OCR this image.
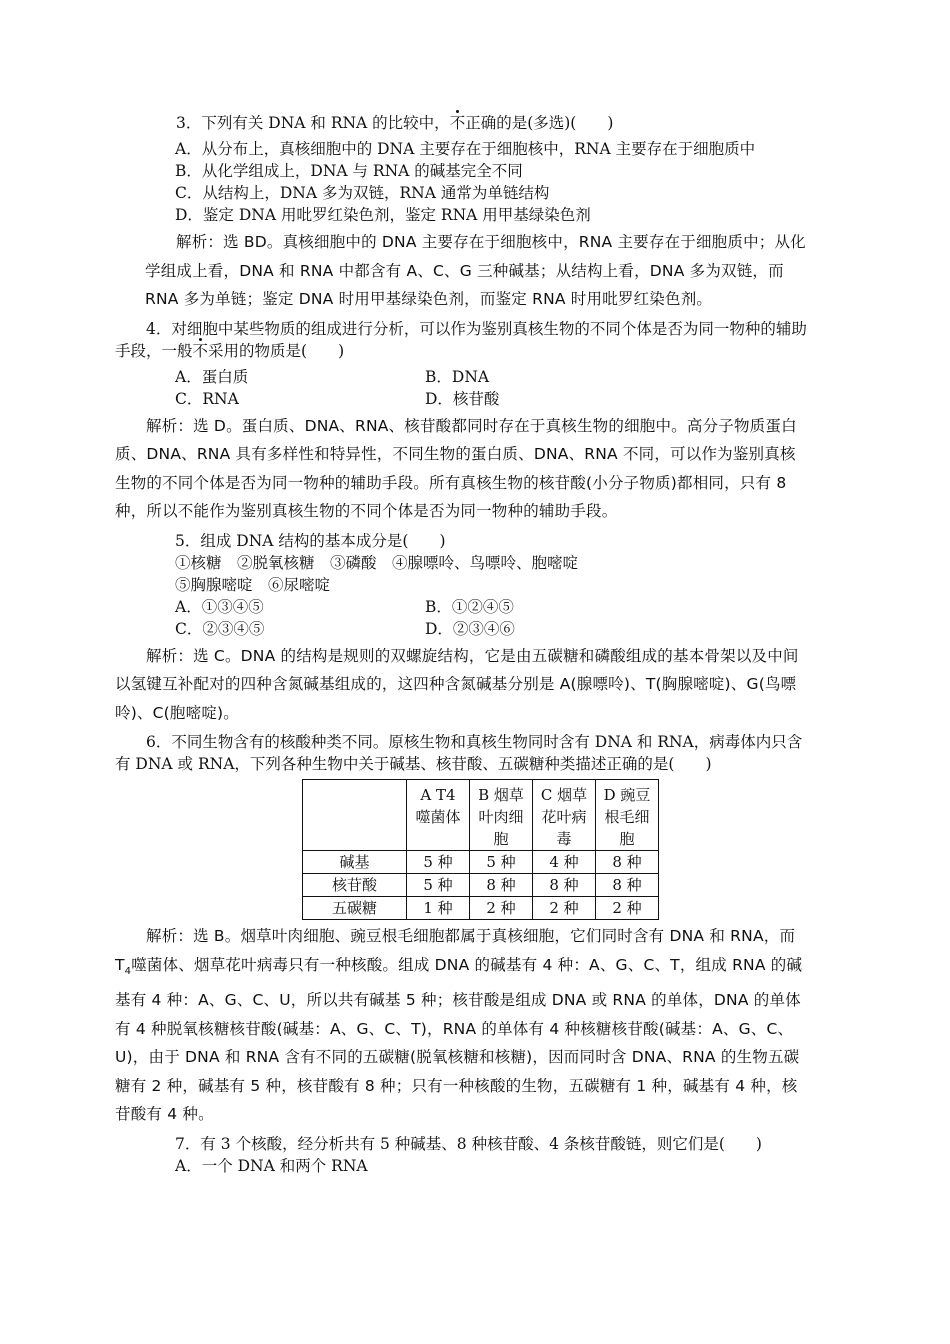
3．下列有关 DNA 和 RNA 的比较中，不正确的是(多选)(　　)

A．从分布上，真核细胞中的 DNA 主要存在于细胞核中，RNA 主要存在于细胞质中

B．从化学组成上，DNA 与 RNA 的碱基完全不同

C．从结构上，DNA 多为双链，RNA 通常为单链结构

D．鉴定 DNA 用吡罗红染色剂，鉴定 RNA 用甲基绿染色剂

解析：选 BD。真核细胞中的 DNA 主要存在于细胞核中，RNA 主要存在于细胞质中；从化学组成上看，DNA 和 RNA 中都含有 A、C、G 三种碱基；从结构上看，DNA 多为双链，而 RNA 多为单链；鉴定 DNA 时用甲基绿染色剂，而鉴定 RNA 时用吡罗红染色剂。

4．对细胞中某些物质的组成进行分析，可以作为鉴别真核生物的不同个体是否为同一物种的辅助手段，一般不采用的物质是(　　)

A．蛋白质	B．DNA
C．RNA	D．核苷酸

解析：选 D。蛋白质、DNA、RNA、核苷酸都同时存在于真核生物的细胞中。高分子物质蛋白质、DNA、RNA 具有多样性和特异性，不同生物的蛋白质、DNA、RNA 不同，可以作为鉴别真核生物的不同个体是否为同一物种的辅助手段。所有真核生物的核苷酸(小分子物质)都相同，只有 8 种，所以不能作为鉴别真核生物的不同个体是否为同一物种的辅助手段。

5．组成 DNA 结构的基本成分是(　　)

①核糖　②脱氧核糖　③磷酸　④腺嘌呤、鸟嘌呤、胞嘧啶

⑤胸腺嘧啶　⑥尿嘧啶

A．①③④⑤	B．①②④⑤
C．②③④⑤	D．②③④⑥

解析：选 C。DNA 的结构是规则的双螺旋结构，它是由五碳糖和磷酸组成的基本骨架以及中间以氢键互补配对的四种含氮碱基组成的，这四种含氮碱基分别是 A(腺嘌呤)、T(胸腺嘧啶)、G(鸟嘌呤)、C(胞嘧啶)。

6．不同生物含有的核酸种类不同。原核生物和真核生物同时含有 DNA 和 RNA，病毒体内只含有 DNA 或 RNA，下列各种生物中关于碱基、核苷酸、五碳糖种类描述正确的是(　　)

	A T4 噬菌体	B 烟草叶肉细胞	C 烟草花叶病毒	D 豌豆根毛细胞
碱基	5 种	5 种	4 种	8 种
核苷酸	5 种	8 种	8 种	8 种
五碳糖	1 种	2 种	2 种	2 种

解析：选 B。烟草叶肉细胞、豌豆根毛细胞都属于真核细胞，它们同时含有 DNA 和 RNA，而 $T_4$噬菌体、烟草花叶病毒只有一种核酸。组成 DNA 的碱基有 4 种：A、G、C、T，组成 RNA 的碱基有 4 种：A、G、C、U，所以共有碱基 5 种；核苷酸是组成 DNA 或 RNA 的单体，DNA 的单体有 4 种脱氧核糖核苷酸(碱基：A、G、C、T)，RNA 的单体有 4 种核糖核苷酸(碱基：A、G、C、U)，由于 DNA 和 RNA 含有不同的五碳糖(脱氧核糖和核糖)，因而同时含 DNA、RNA 的生物五碳糖有 2 种，碱基有 5 种，核苷酸有 8 种；只有一种核酸的生物，五碳糖有 1 种，碱基有 4 种，核苷酸有 4 种。

7．有 3 个核酸，经分析共有 5 种碱基、8 种核苷酸、4 条核苷酸链，则它们是(　　)

A．一个 DNA 和两个 RNA
